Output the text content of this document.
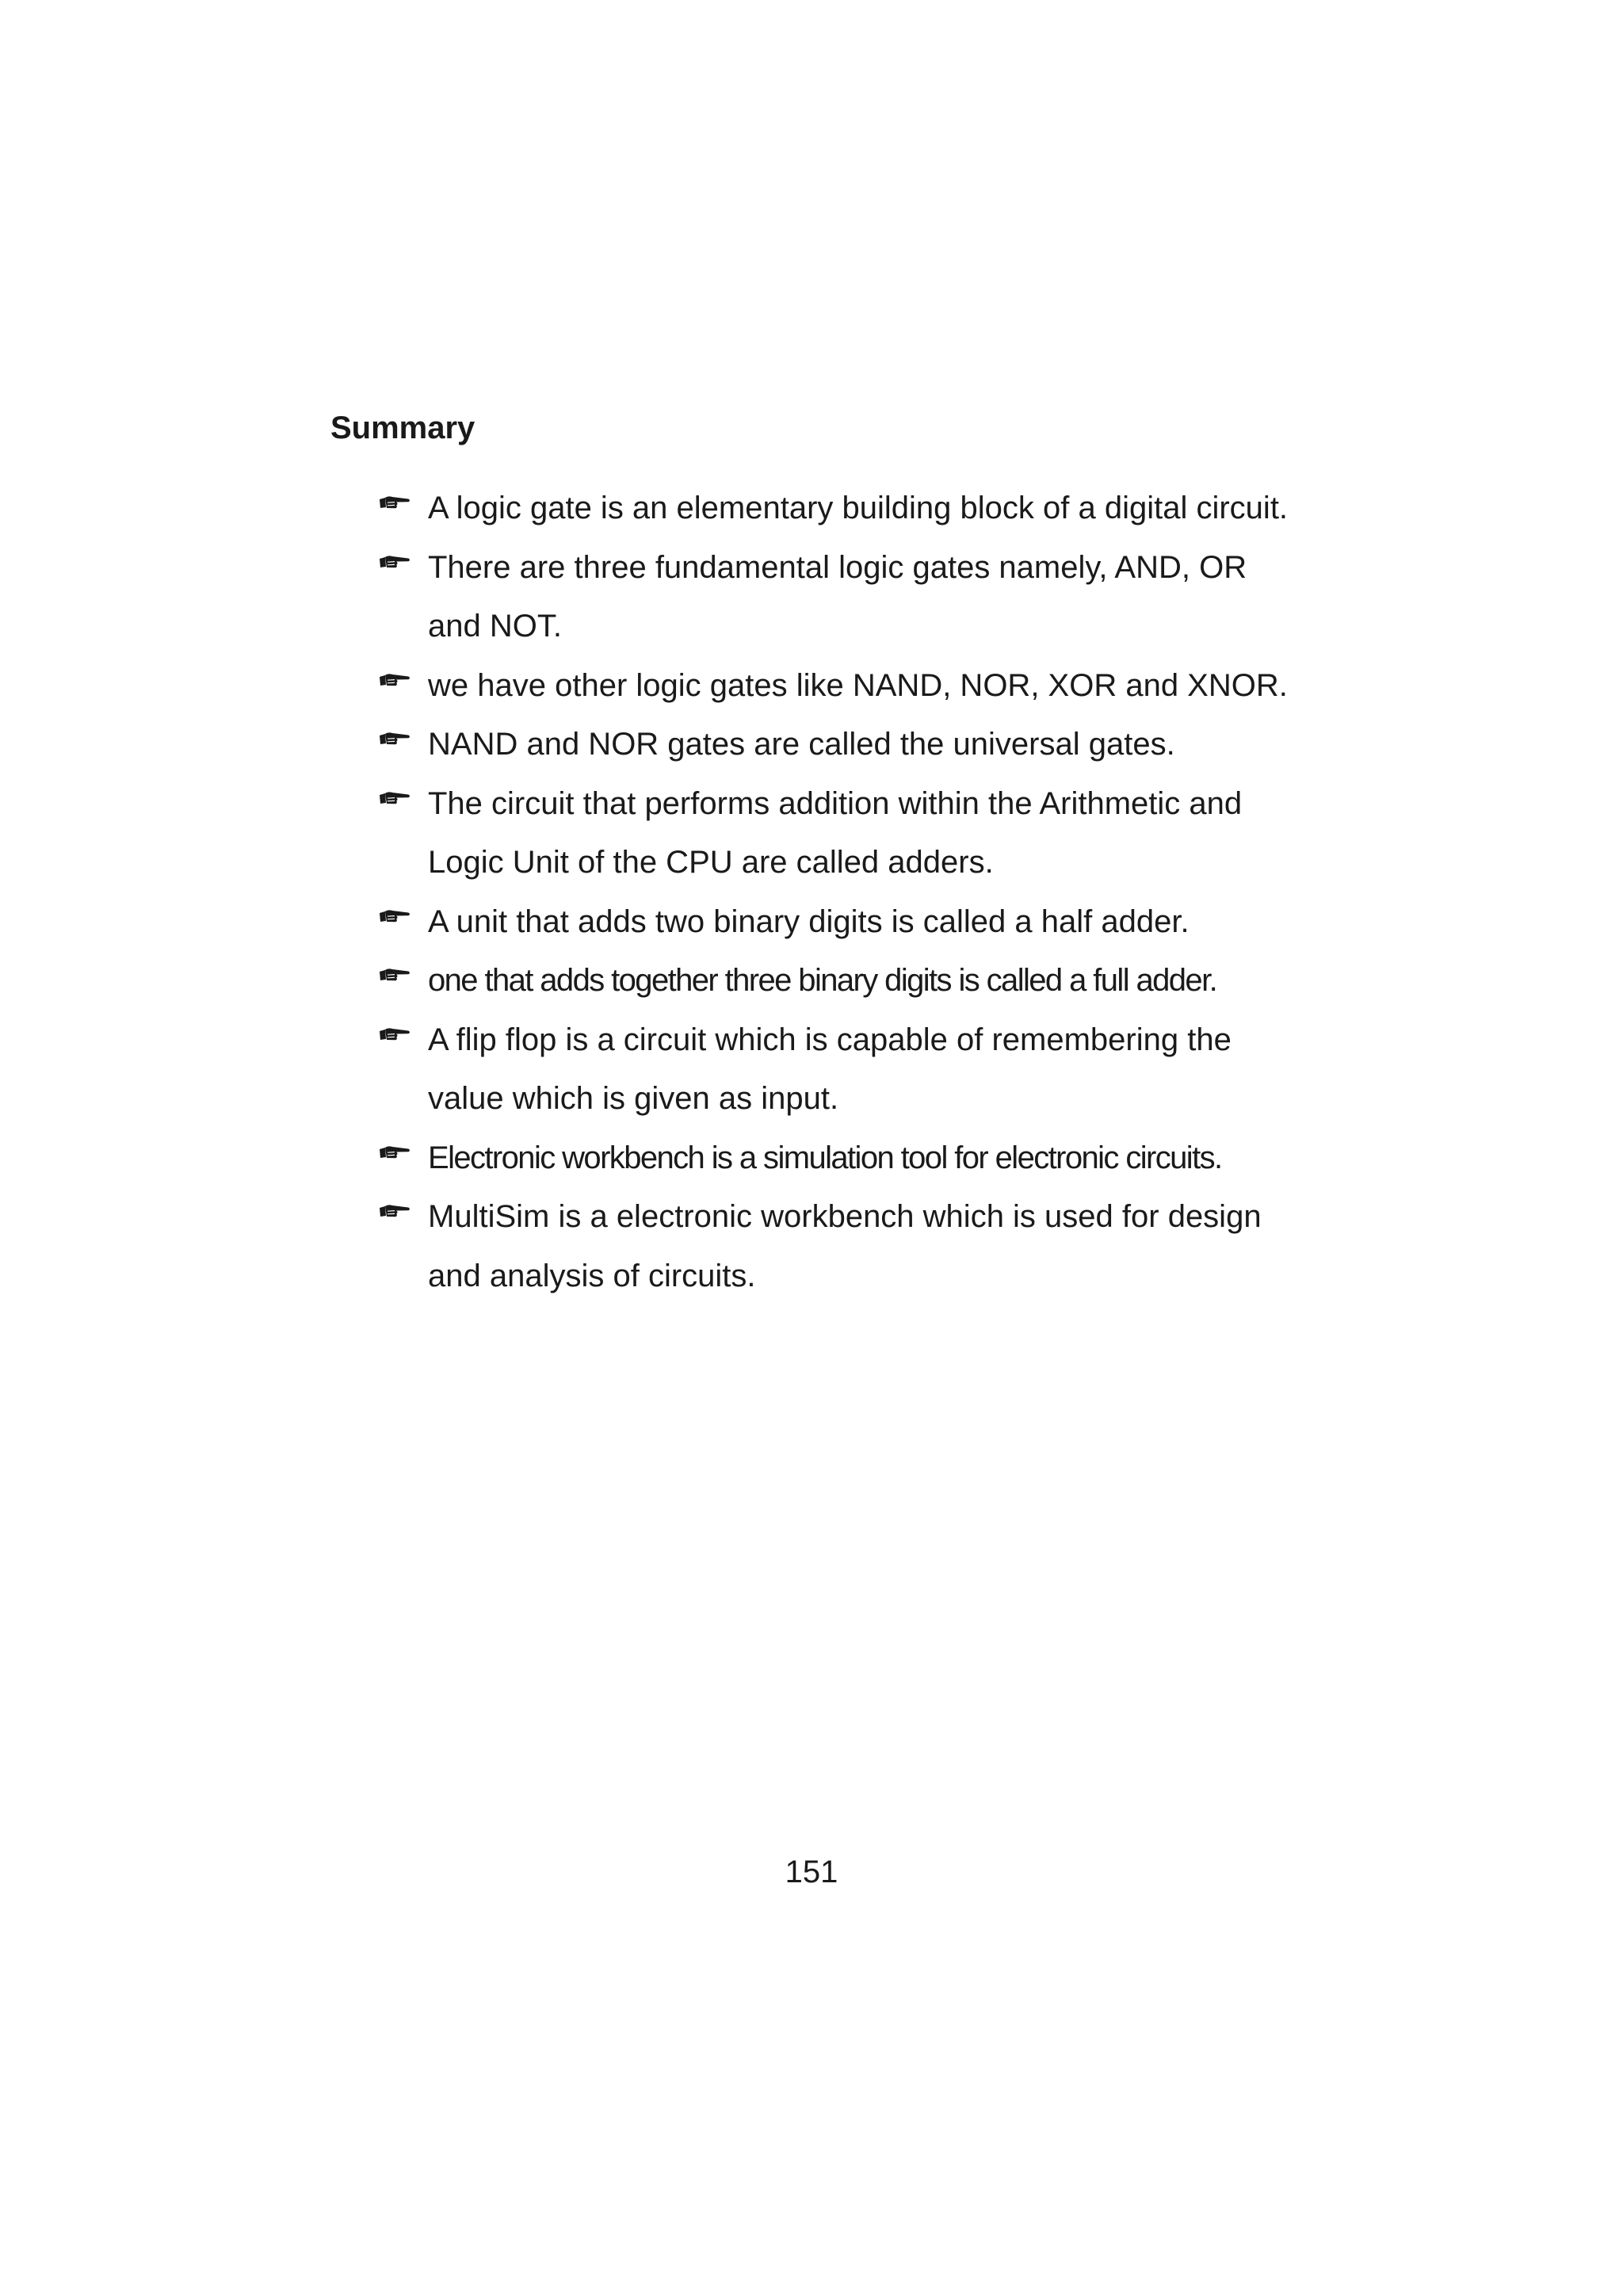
Summary
A logic gate is an elementary building block of a digital circuit.
There are three fundamental logic gates namely, AND, OR
and NOT.
we have other logic gates like NAND, NOR, XOR and XNOR.
NAND and NOR gates are called the universal gates.
The circuit that performs addition within the Arithmetic and
Logic Unit of the CPU are called adders.
A unit that adds two binary digits is called a half adder.
one that adds together three binary digits is called a full adder.
A flip flop is a circuit which is capable of remembering the
value which is given as input.
Electronic workbench is a simulation tool for electronic circuits.
MultiSim is a electronic workbench which is used for design
and analysis of circuits.
151
